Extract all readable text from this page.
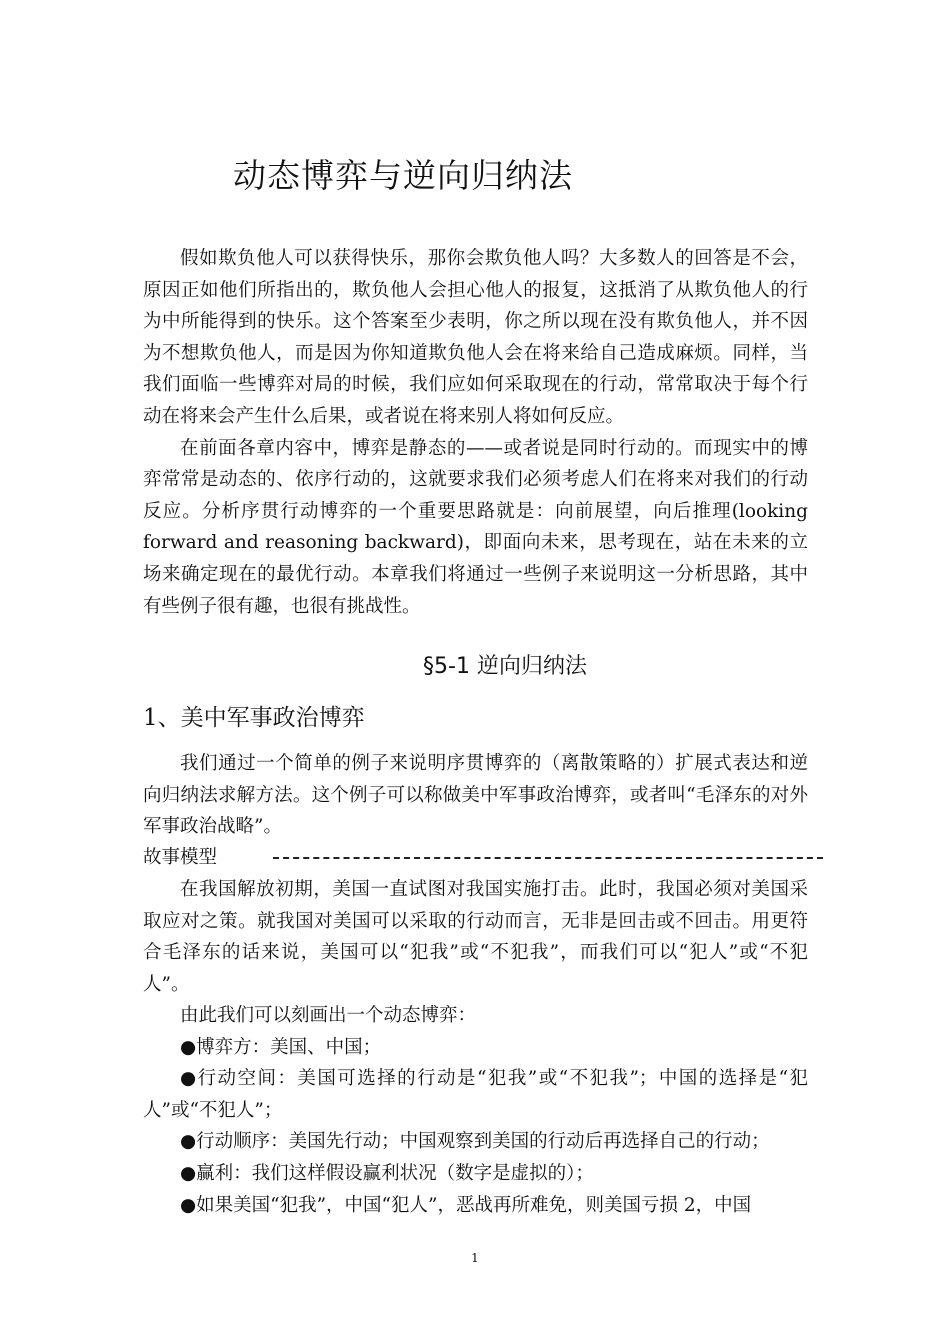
动态博弈与逆向归纳法

假如欺负他人可以获得快乐，那你会欺负他人吗？大多数人的回答是不会，原因正如他们所指出的，欺负他人会担心他人的报复，这抵消了从欺负他人的行为中所能得到的快乐。这个答案至少表明，你之所以现在没有欺负他人，并不因为不想欺负他人，而是因为你知道欺负他人会在将来给自己造成麻烦。同样，当我们面临一些博弈对局的时候，我们应如何采取现在的行动，常常取决于每个行动在将来会产生什么后果，或者说在将来别人将如何反应。

在前面各章内容中，博弈是静态的——或者说是同时行动的。而现实中的博弈常常是动态的、依序行动的，这就要求我们必须考虑人们在将来对我们的行动反应。分析序贯行动博弈的一个重要思路就是：向前展望，向后推理(looking forward and reasoning backward)，即面向未来，思考现在，站在未来的立场来确定现在的最优行动。本章我们将通过一些例子来说明这一分析思路，其中有些例子很有趣，也很有挑战性。

§5-1 逆向归纳法
1、美中军事政治博弈

我们通过一个简单的例子来说明序贯博弈的（离散策略的）扩展式表达和逆向归纳法求解方法。这个例子可以称做美中军事政治博弈，或者叫“毛泽东的对外军事政治战略”。

故事模型

在我国解放初期，美国一直试图对我国实施打击。此时，我国必须对美国采取应对之策。就我国对美国可以采取的行动而言，无非是回击或不回击。用更符合毛泽东的话来说，美国可以“犯我”或“不犯我”，而我们可以“犯人”或“不犯人”。

由此我们可以刻画出一个动态博弈：

●博弈方：美国、中国；

●行动空间：美国可选择的行动是“犯我”或“不犯我”；中国的选择是“犯人”或“不犯人”；

●行动顺序：美国先行动；中国观察到美国的行动后再选择自己的行动；

●赢利：我们这样假设赢利状况（数字是虚拟的）；

●如果美国“犯我”，中国“犯人”，恶战再所难免，则美国亏损 2，中国

1
